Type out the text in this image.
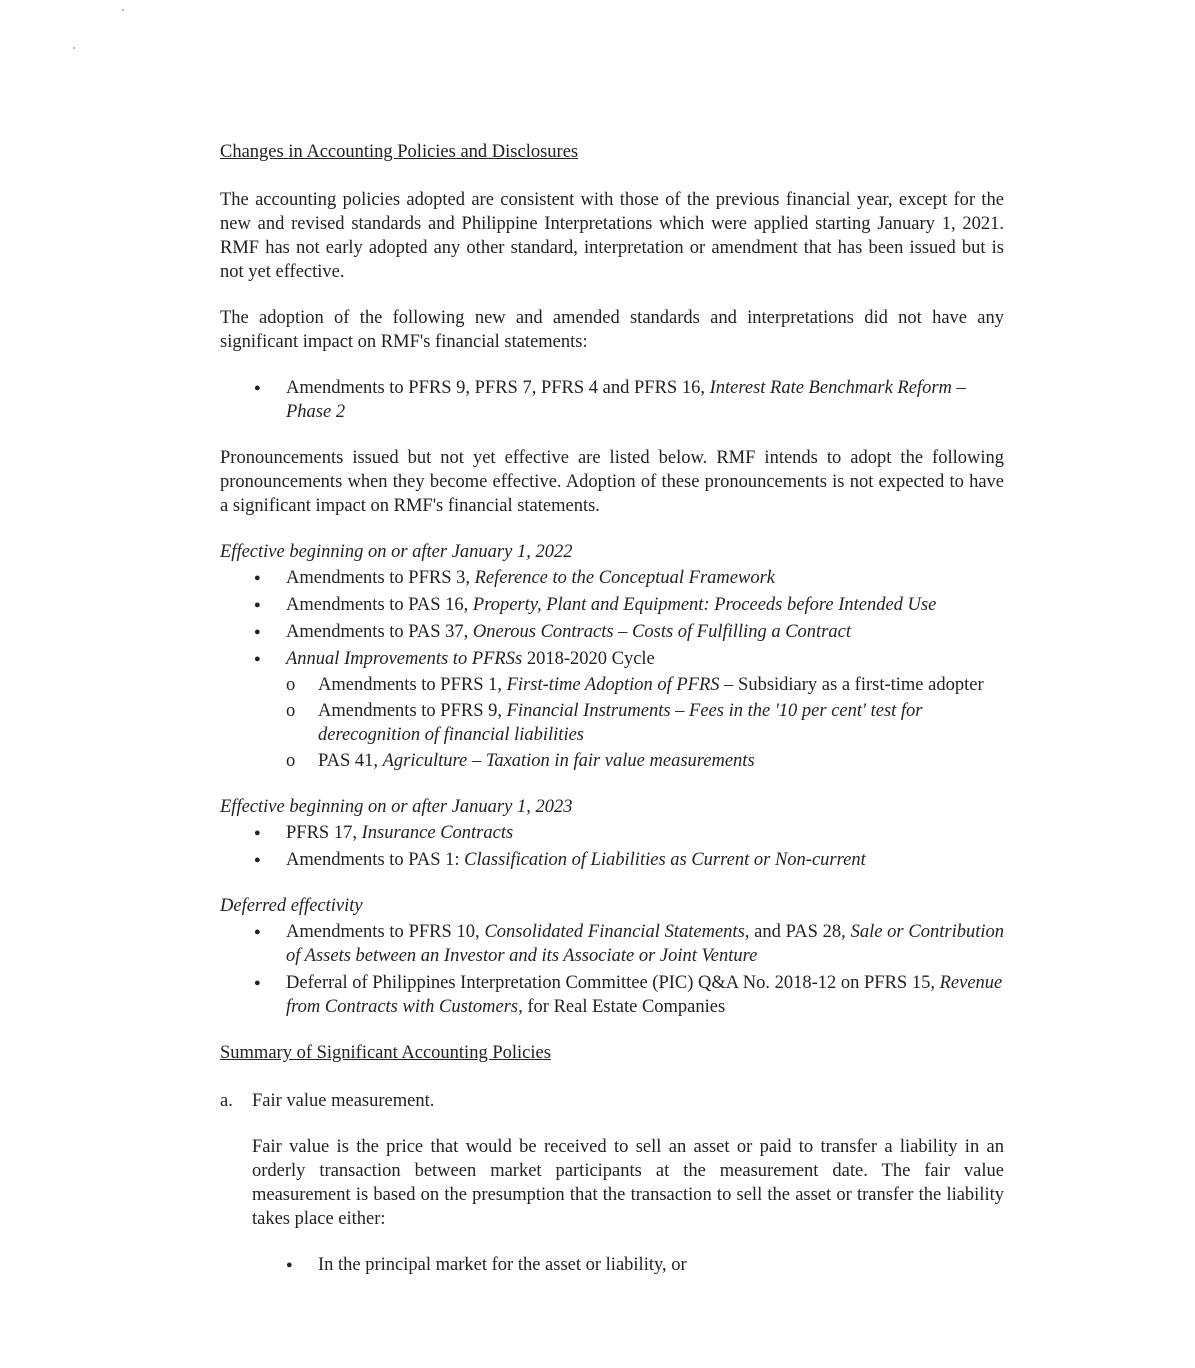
Changes in Accounting Policies and Disclosures

The accounting policies adopted are consistent with those of the previous financial year, except for the new and revised standards and Philippine Interpretations which were applied starting January 1, 2021. RMF has not early adopted any other standard, interpretation or amendment that has been issued but is not yet effective.

The adoption of the following new and amended standards and interpretations did not have any significant impact on RMF's financial statements:

● Amendments to PFRS 9, PFRS 7, PFRS 4 and PFRS 16, Interest Rate Benchmark Reform – Phase 2

Pronouncements issued but not yet effective are listed below. RMF intends to adopt the following pronouncements when they become effective. Adoption of these pronouncements is not expected to have a significant impact on RMF's financial statements.

Effective beginning on or after January 1, 2022
● Amendments to PFRS 3, Reference to the Conceptual Framework
● Amendments to PAS 16, Property, Plant and Equipment: Proceeds before Intended Use
● Amendments to PAS 37, Onerous Contracts – Costs of Fulfilling a Contract
● Annual Improvements to PFRSs 2018-2020 Cycle
o Amendments to PFRS 1, First-time Adoption of PFRS – Subsidiary as a first-time adopter
o Amendments to PFRS 9, Financial Instruments – Fees in the '10 per cent' test for derecognition of financial liabilities
o PAS 41, Agriculture – Taxation in fair value measurements
Effective beginning on or after January 1, 2023
● PFRS 17, Insurance Contracts
● Amendments to PAS 1: Classification of Liabilities as Current or Non-current
Deferred effectivity
● Amendments to PFRS 10, Consolidated Financial Statements, and PAS 28, Sale or Contribution of Assets between an Investor and its Associate or Joint Venture
● Deferral of Philippines Interpretation Committee (PIC) Q&A No. 2018-12 on PFRS 15, Revenue from Contracts with Customers, for Real Estate Companies
Summary of Significant Accounting Policies
a. Fair value measurement.

Fair value is the price that would be received to sell an asset or paid to transfer a liability in an orderly transaction between market participants at the measurement date. The fair value measurement is based on the presumption that the transaction to sell the asset or transfer the liability takes place either:

● In the principal market for the asset or liability, or
